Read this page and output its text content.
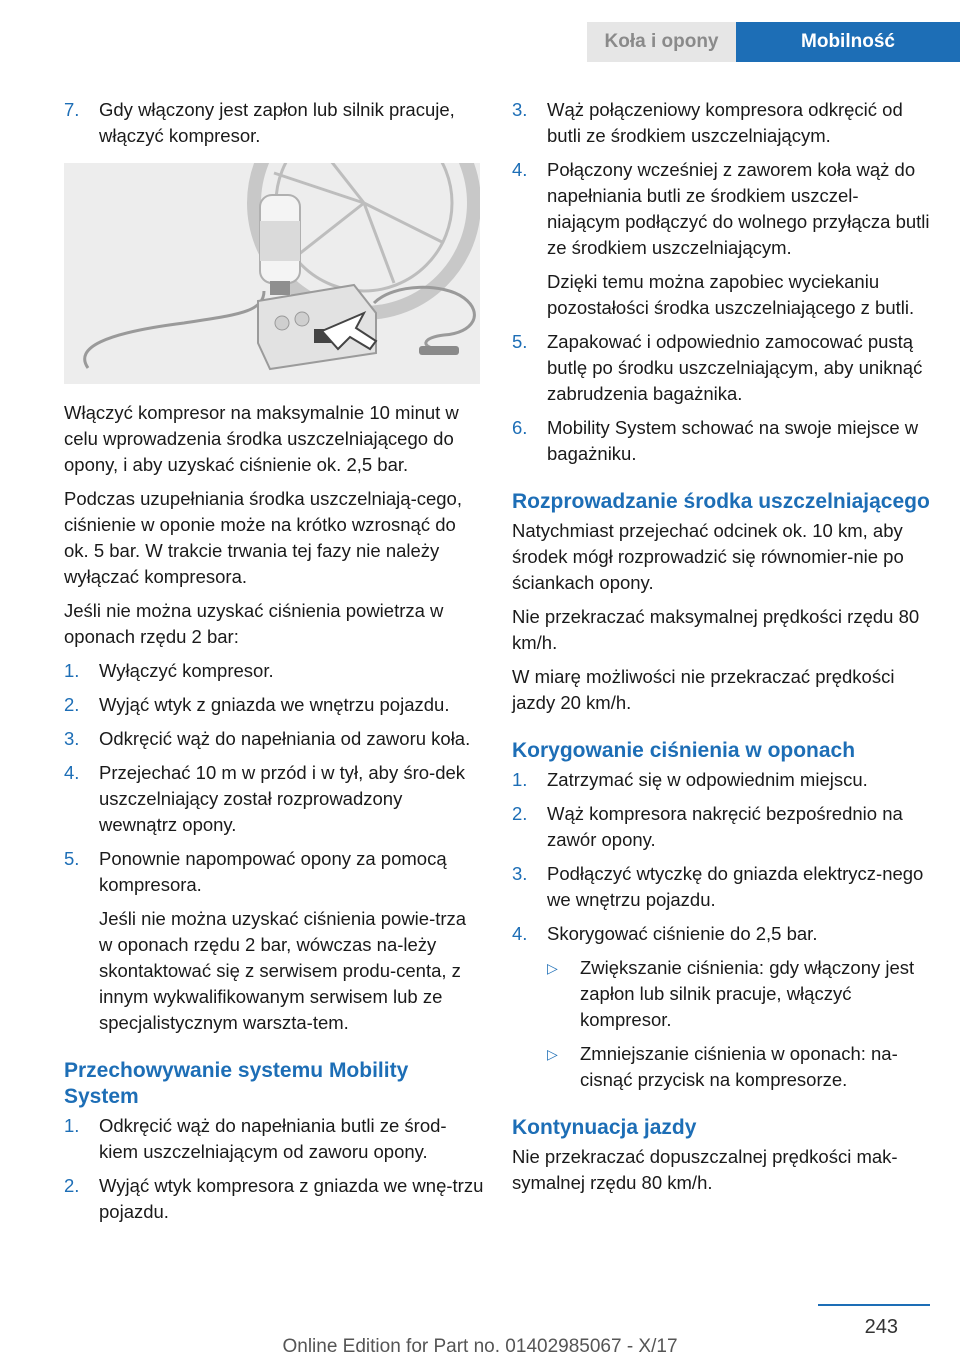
Koła i opony	Mobilność
7.	Gdy włączony jest zapłon lub silnik pracuje, włączyć kompresor.

Włączyć kompresor na maksymalnie 10 minut w celu wprowadzenia środka uszczelniającego do opony, i aby uzyskać ciśnienie ok. 2,5 bar.

Podczas uzupełniania środka uszczelniają‐cego, ciśnienie w oponie może na krótko wzrosnąć do ok. 5 bar. W trakcie trwania tej fazy nie należy wyłączać kompresora.

Jeśli nie można uzyskać ciśnienia powietrza w oponach rzędu 2 bar:

1.	Wyłączyć kompresor.
2.	Wyjąć wtyk z gniazda we wnętrzu pojazdu.
3.	Odkręcić wąż do napełniania od zaworu koła.
4.	Przejechać 10 m w przód i w tył, aby śro‐dek uszczelniający został rozprowadzony wewnątrz opony.
5.	Ponownie napompować opony za pomocą kompresora.

Jeśli nie można uzyskać ciśnienia powie‐trza w oponach rzędu 2 bar, wówczas na‐leży skontaktować się z serwisem produ‐centa, z innym wykwalifikowanym serwisem lub ze specjalistycznym warszta‐tem.

Przechowywanie systemu Mobility System
1.	Odkręcić wąż do napełniania butli ze środ‐kiem uszczelniającym od zaworu opony.
2.	Wyjąć wtyk kompresora z gniazda we wnę‐trzu pojazdu.
3.	Wąż połączeniowy kompresora odkręcić od butli ze środkiem uszczelniającym.
4.	Połączony wcześniej z zaworem koła wąż do napełniania butli ze środkiem uszczel‐niającym podłączyć do wolnego przyłącza butli ze środkiem uszczelniającym.

Dzięki temu można zapobiec wyciekaniu pozostałości środka uszczelniającego z butli.

5.	Zapakować i odpowiednio zamocować pustą butlę po środku uszczelniającym, aby uniknąć zabrudzenia bagażnika.
6.	Mobility System schować na swoje miejsce w bagażniku.
Rozprowadzanie środka uszczelniającego

Natychmiast przejechać odcinek ok. 10 km, aby środek mógł rozprowadzić się równomier‐nie po ściankach opony.

Nie przekraczać maksymalnej prędkości rzędu 80 km/h.

W miarę możliwości nie przekraczać prędkości jazdy 20 km/h.

Korygowanie ciśnienia w oponach
1.	Zatrzymać się w odpowiednim miejscu.
2.	Wąż kompresora nakręcić bezpośrednio na zawór opony.
3.	Podłączyć wtyczkę do gniazda elektrycz‐nego we wnętrzu pojazdu.
4.	Skorygować ciśnienie do 2,5 bar.
▷	Zwiększanie ciśnienia: gdy włączony jest zapłon lub silnik pracuje, włączyć kompresor.
▷	Zmniejszanie ciśnienia w oponach: na‐cisnąć przycisk na kompresorze.
Kontynuacja jazdy

Nie przekraczać dopuszczalnej prędkości mak‐symalnej rzędu 80 km/h.

243
Online Edition for Part no. 01402985067 - X/17
